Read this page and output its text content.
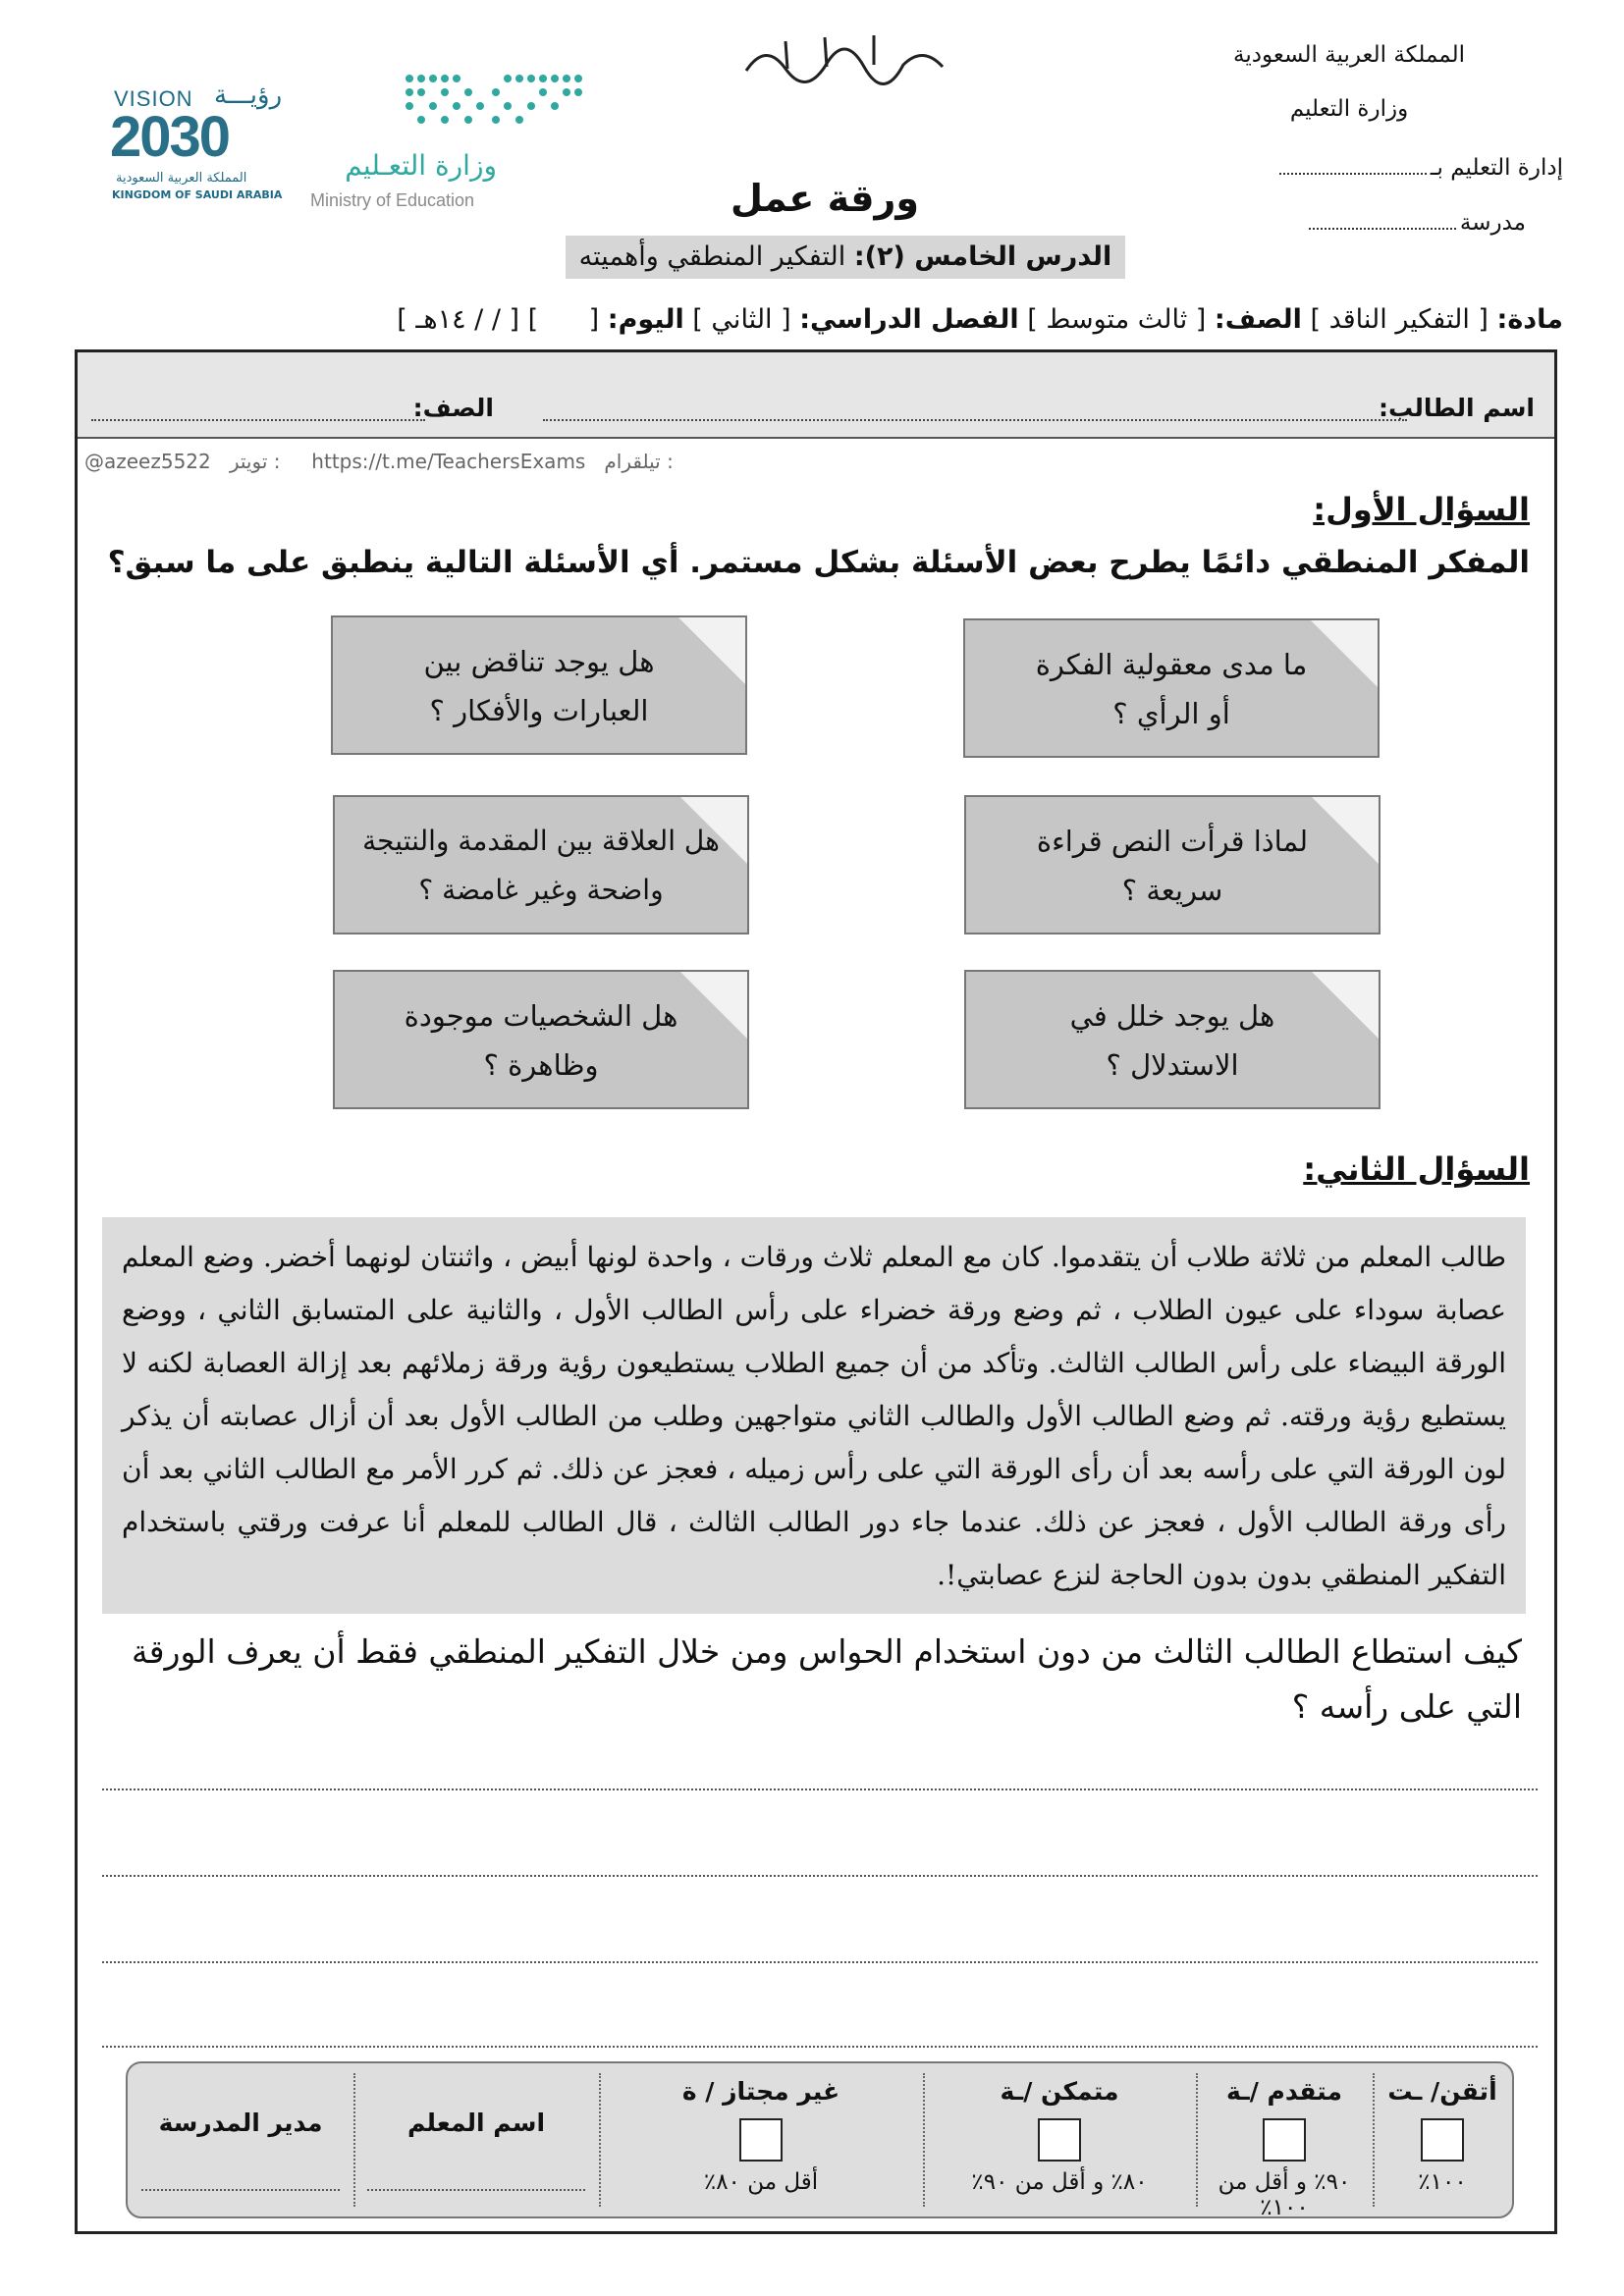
VISION رؤيـــة
2030
المملكة العربية السعودية
KINGDOM OF SAUDI ARABIA
وزارة التعـليم
Ministry of Education
المملكة العربية السعودية
وزارة التعليم
إدارة التعليم بـ
مدرسة
ورقة عمل
الدرس الخامس (٢): التفكير المنطقي وأهميته
مادة: [ التفكير الناقد ] الصف: [ ثالث متوسط ] الفصل الدراسي: [ الثاني ] اليوم: [      ] [ / / ١٤هـ ]
اسم الطالب:
الصف:
@azeez5522 تويتر : https://t.me/TeachersExams تيلقرام :
السؤال الأول:
المفكر المنطقي دائمًا يطرح بعض الأسئلة بشكل مستمر. أي الأسئلة التالية ينطبق على ما سبق؟
ما مدى معقولية الفكرة
أو الرأي ؟
هل يوجد تناقض بين
العبارات والأفكار ؟
لماذا قرأت النص قراءة
سريعة ؟
هل العلاقة بين المقدمة والنتيجة
واضحة وغير غامضة ؟
هل يوجد خلل في
الاستدلال ؟
هل الشخصيات موجودة
وظاهرة ؟
السؤال الثاني:
طالب المعلم من ثلاثة طلاب أن يتقدموا. كان مع المعلم ثلاث ورقات ، واحدة لونها أبيض ، واثنتان لونهما أخضر. وضع المعلم عصابة سوداء على عيون الطلاب ، ثم وضع ورقة خضراء على رأس الطالب الأول ، والثانية على المتسابق الثاني ، ووضع الورقة البيضاء على رأس الطالب الثالث. وتأكد من أن جميع الطلاب يستطيعون رؤية ورقة زملائهم بعد إزالة العصابة لكنه لا يستطيع رؤية ورقته. ثم وضع الطالب الأول والطالب الثاني متواجهين وطلب من الطالب الأول بعد أن أزال عصابته أن يذكر لون الورقة التي على رأسه بعد أن رأى الورقة التي على رأس زميله ، فعجز عن ذلك. ثم كرر الأمر مع الطالب الثاني بعد أن رأى ورقة الطالب الأول ، فعجز عن ذلك. عندما جاء دور الطالب الثالث ، قال الطالب للمعلم أنا عرفت ورقتي باستخدام التفكير المنطقي بدون بدون الحاجة لنزع عصابتي!.
كيف استطاع الطالب الثالث من دون استخدام الحواس ومن خلال التفكير المنطقي فقط أن يعرف الورقة التي على رأسه ؟
أتقن/ ـت
١٠٠٪
متقدم /ـة
٩٠٪ و أقل من ١٠٠٪
متمكن /ـة
٨٠٪ و أقل من ٩٠٪
غير مجتاز / ة
أقل من ٨٠٪
اسم المعلم
مدير المدرسة
